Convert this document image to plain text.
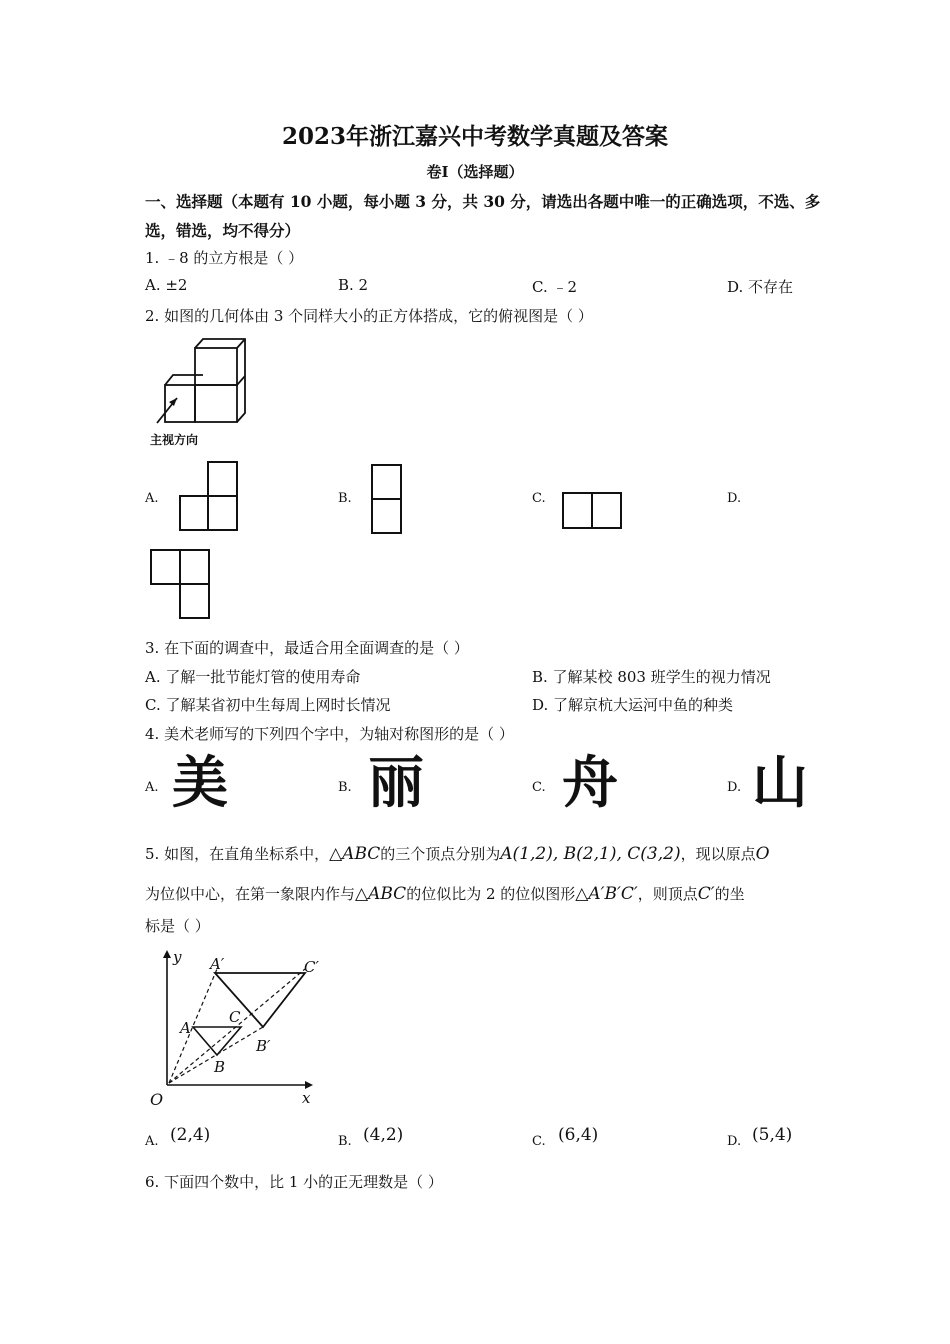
2023年浙江嘉兴中考数学真题及答案
卷Ⅰ（选择题）
一、选择题（本题有 10 小题，每小题 3 分，共 30 分，请选出各题中唯一的正确选项，不选、多
选，错选，均不得分）
1. ﹣8 的立方根是（ ）
A. ±2	B. 2	C. ﹣2	D. 不存在
2. 如图的几何体由 3 个同样大小的正方体搭成，它的俯视图是（ ）
主视方向
A.	B.	C.	D.
3. 在下面的调查中，最适合用全面调查的是（ ）
A. 了解一批节能灯管的使用寿命	B. 了解某校 803 班学生的视力情况
C. 了解某省初中生每周上网时长情况	D. 了解京杭大运河中鱼的种类
4. 美术老师写的下列四个字中，为轴对称图形的是（ ）
A. 美	B. 丽	C. 舟	D. 山
5. 如图，在直角坐标系中，△ABC的三个顶点分别为A(1,2), B(2,1), C(3,2)，现以原点O
为位似中心，在第一象限内作与△ABC的位似比为 2 的位似图形△A′B′C′，则顶点C′的坐
标是（ ）
y
x
O
A
B
C
A′
B′
C′
A. (2,4)	B. (4,2)	C. (6,4)	D. (5,4)
6. 下面四个数中，比 1 小的正无理数是（ ）
